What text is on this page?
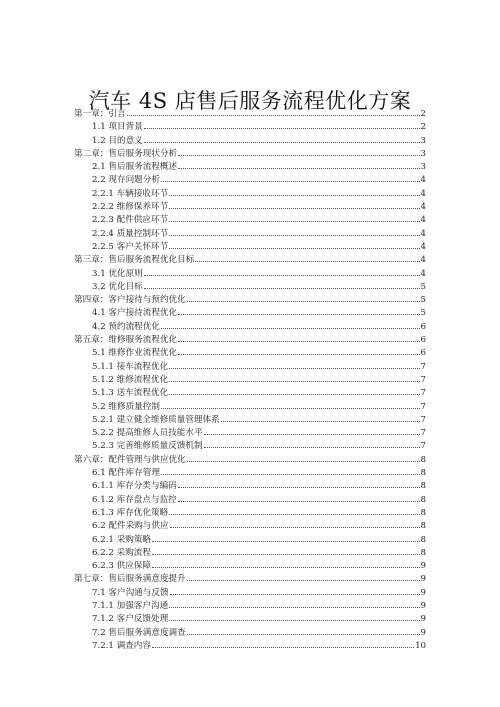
汽车 4S 店售后服务流程优化方案
第一章：引言	2
1.1 项目背景	2
1.2 目的意义	3
第二章：售后服务现状分析	3
2.1 售后服务流程概述	3
2.2 现存问题分析	4
2.2.1 车辆接收环节	4
2.2.2 维修保养环节	4
2.2.3 配件供应环节	4
2.2.4 质量控制环节	4
2.2.5 客户关怀环节	4
第三章：售后服务流程优化目标	4
3.1 优化原则	4
3.2 优化目标	5
第四章：客户接待与预约优化	5
4.1 客户接待流程优化	5
4.2 预约流程优化	6
第五章：维修服务流程优化	6
5.1 维修作业流程优化	6
5.1.1 接车流程优化	7
5.1.2 维修流程优化	7
5.1.3 送车流程优化	7
5.2 维修质量控制	7
5.2.1 建立健全维修质量管理体系	7
5.2.2 提高维修人员技能水平	7
5.2.3 完善维修质量反馈机制	7
第六章：配件管理与供应优化	8
6.1 配件库存管理	8
6.1.1 库存分类与编码	8
6.1.2 库存盘点与监控	8
6.1.3 库存优化策略	8
6.2 配件采购与供应	8
6.2.1 采购策略	8
6.2.2 采购流程	8
6.2.3 供应保障	9
第七章：售后服务满意度提升	9
7.1 客户沟通与反馈	9
7.1.1 加强客户沟通	9
7.1.2 客户反馈处理	9
7.2 售后服务满意度调查	9
7.2.1 调查内容	10
